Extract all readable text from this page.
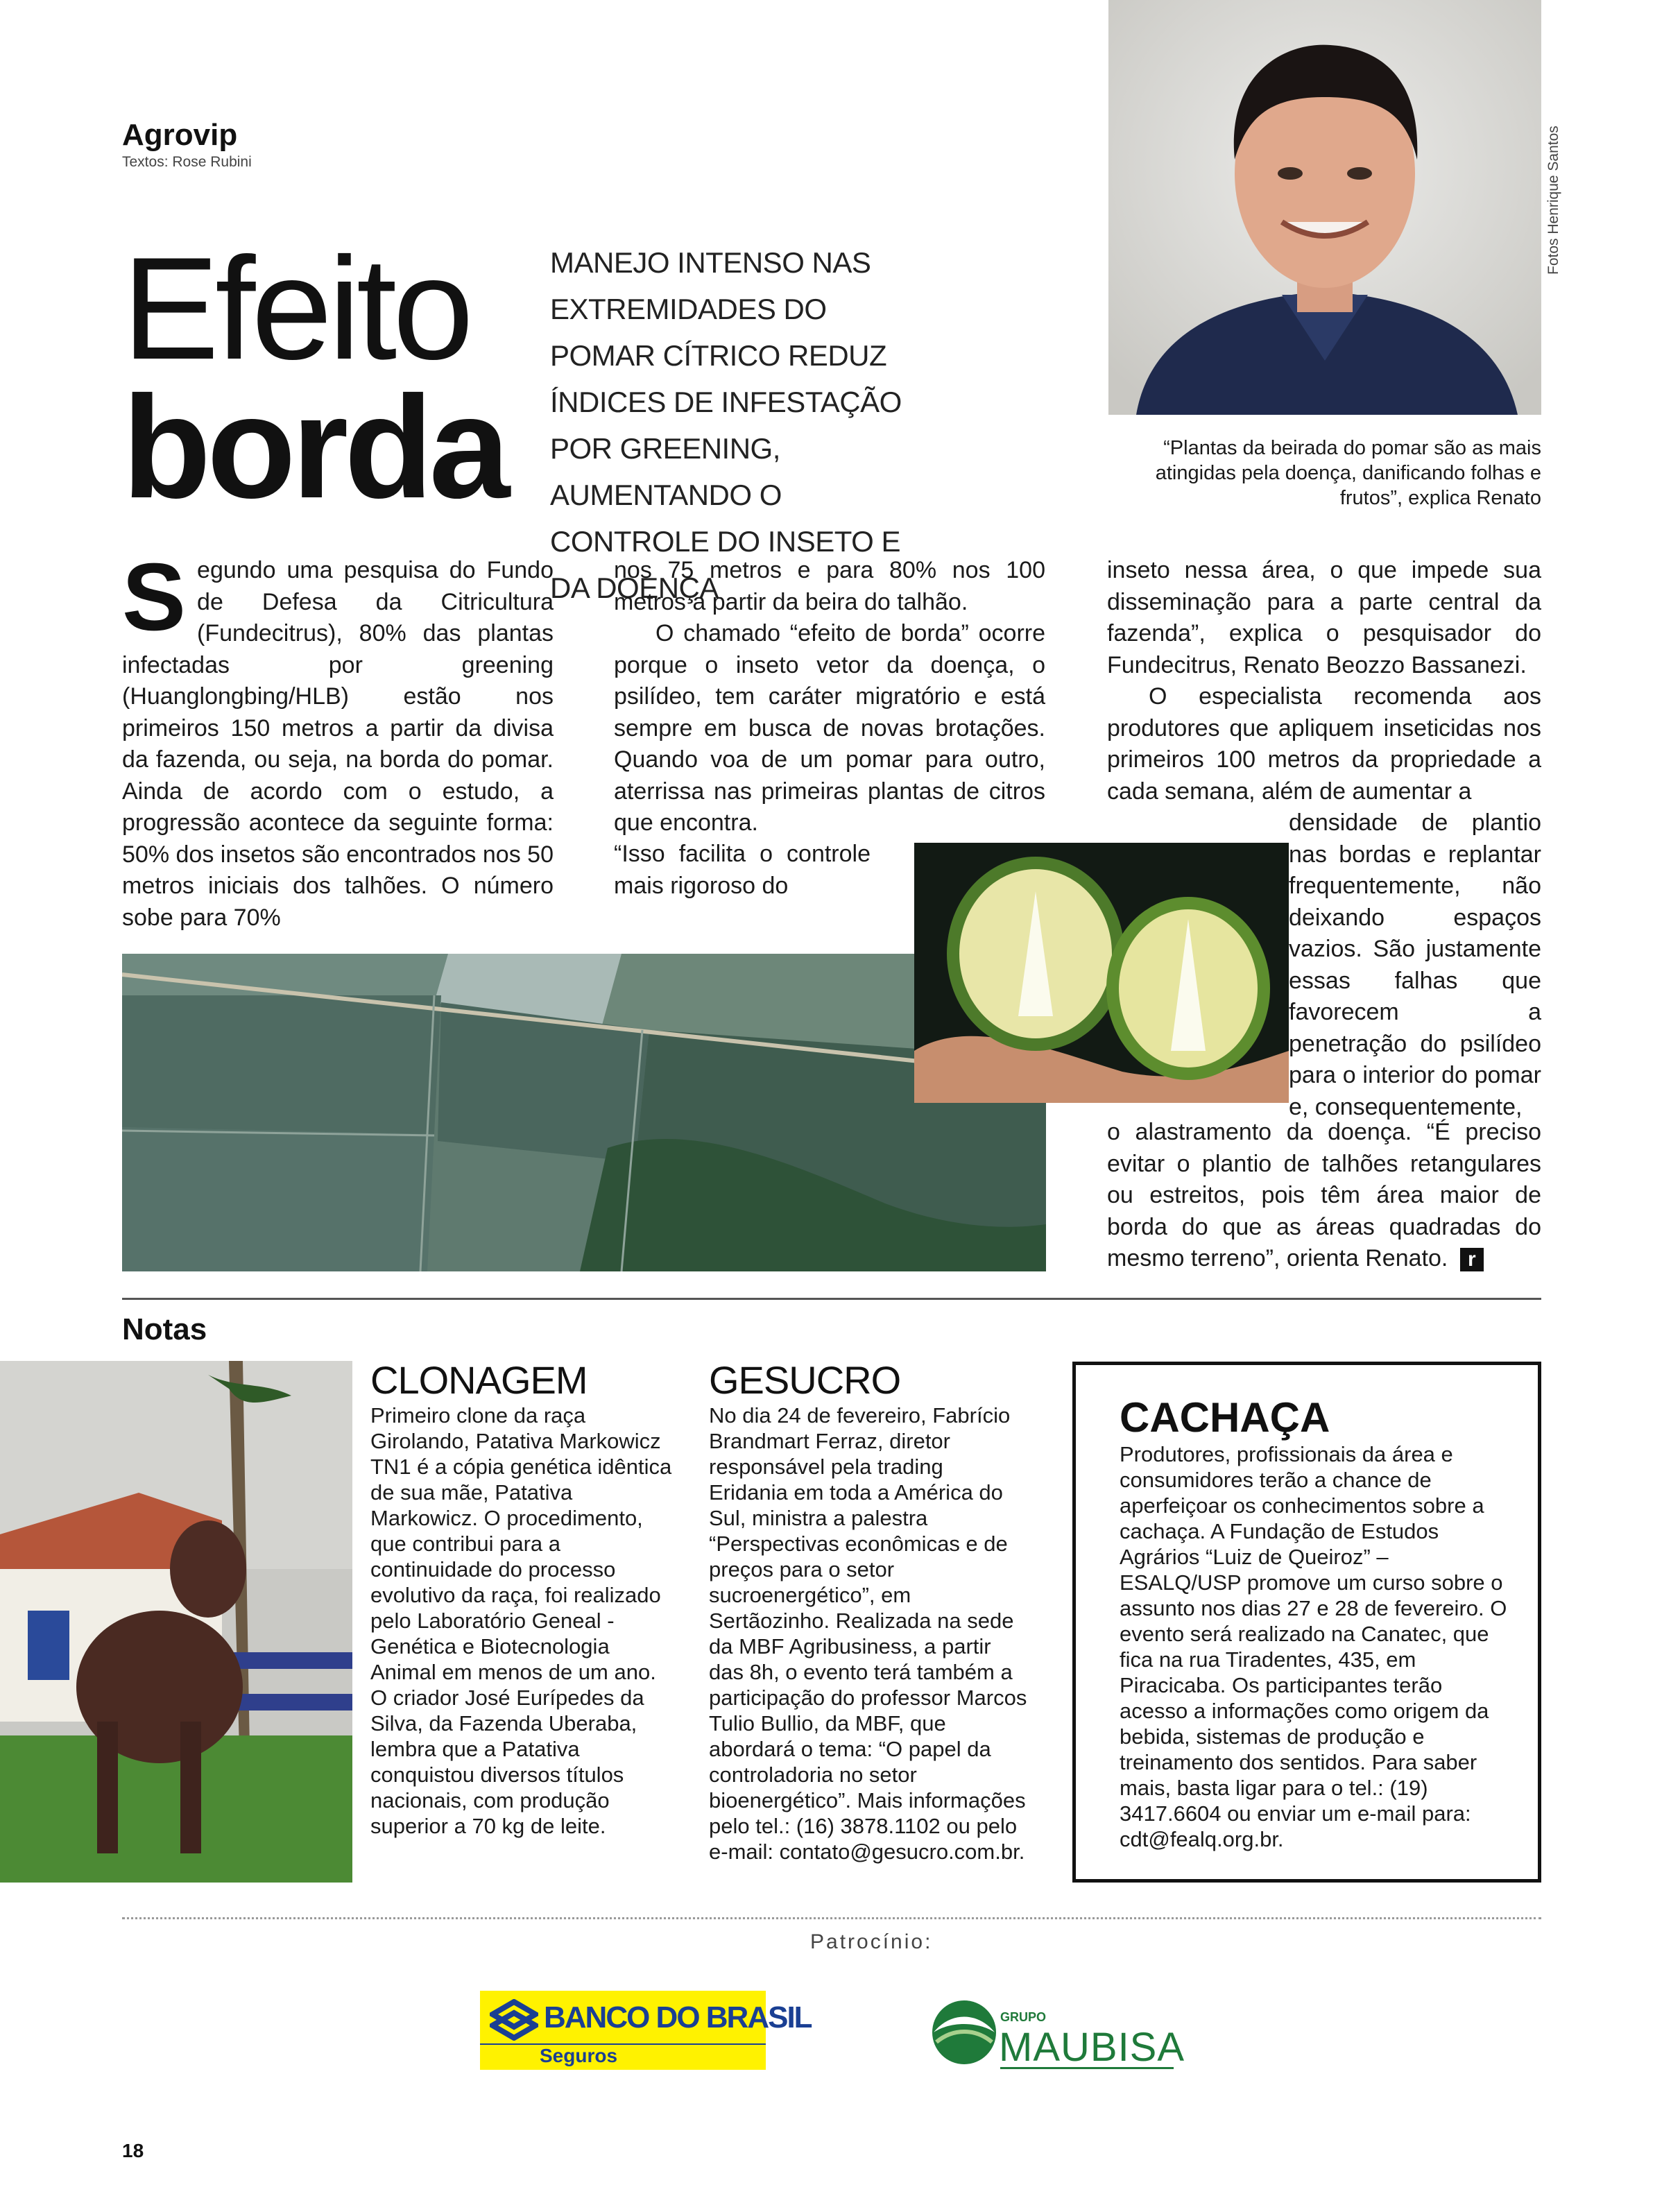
Agrovip
Textos: Rose Rubini
Efeito
borda
MANEJO INTENSO NAS EXTREMIDADES DO POMAR CÍTRICO REDUZ ÍNDICES DE INFESTAÇÃO POR GREENING, AUMENTANDO O CONTROLE DO INSETO E DA DOENÇA
Fotos Henrique Santos
“Plantas da beirada do pomar são as mais atingidas pela doença, danificando folhas e frutos”, explica Renato
S egundo uma pesquisa do Fundo de Defesa da Citricultura (Fundecitrus), 80% das plantas infectadas por greening (Huanglongbing/HLB) estão nos primeiros 150 metros a partir da divisa da fazenda, ou seja, na borda do pomar. Ainda de acordo com o estudo, a progressão acontece da seguinte forma: 50% dos insetos são encontrados nos 50 metros iniciais dos talhões. O número sobe para 70%

nos 75 metros e para 80% nos 100 metros a partir da beira do talhão.

O chamado “efeito de borda” ocorre porque o inseto vetor da doença, o psilídeo, tem caráter migratório e está sempre em busca de novas brotações. Quando voa de um pomar para outro, aterrissa nas primeiras plantas de citros que encontra.

“Isso facilita o controle mais rigoroso do

inseto nessa área, o que impede sua disseminação para a parte central da fazenda”, explica o pesquisador do Fundecitrus, Renato Beozzo Bassanezi.

O especialista recomenda aos produtores que apliquem inseticidas nos primeiros 100 metros da propriedade a cada semana, além de aumentar a

densidade de plantio nas bordas e replantar frequentemente, não deixando espaços vazios. São justamente essas falhas que favorecem a penetração do psilídeo para o interior do pomar e, consequentemente,
o alastramento da doença. “É preciso evitar o plantio de talhões retangulares ou estreitos, pois têm área maior de borda do que as áreas quadradas do mesmo terreno”, orienta Renato. r
Notas
CLONAGEM
Primeiro clone da raça Girolando, Patativa Markowicz TN1 é a cópia genética idêntica de sua mãe, Patativa Markowicz. O procedimento, que contribui para a continuidade do processo evolutivo da raça, foi realizado pelo Laboratório Geneal - Genética e Biotecnologia Animal em menos de um ano. O criador José Eurípedes da Silva, da Fazenda Uberaba, lembra que a Patativa conquistou diversos títulos nacionais, com produção superior a 70 kg de leite.
GESUCRO
No dia 24 de fevereiro, Fabrício Brandmart Ferraz, diretor responsável pela trading Eridania em toda a América do Sul, ministra a palestra “Perspectivas econômicas e de preços para o setor sucroenergético”, em Sertãozinho. Realizada na sede da MBF Agribusiness, a partir das 8h, o evento terá também a participação do professor Marcos Tulio Bullio, da MBF, que abordará o tema: “O papel da controladoria no setor bioenergético”. Mais informações pelo tel.: (16) 3878.1102 ou pelo e-mail: contato@gesucro.com.br.
CACHAÇA
Produtores, profissionais da área e consumidores terão a chance de aperfeiçoar os conhecimentos sobre a cachaça. A Fundação de Estudos Agrários “Luiz de Queiroz” – ESALQ/USP promove um curso sobre o assunto nos dias 27 e 28 de fevereiro. O evento será realizado na Canatec, que fica na rua Tiradentes, 435, em Piracicaba. Os participantes terão acesso a informações como origem da bebida, sistemas de produção e treinamento dos sentidos. Para saber mais, basta ligar para o tel.: (19) 3417.6604 ou enviar um e-mail para: cdt@fealq.org.br.
Patrocínio:
BANCO DO BRASIL
Seguros
GRUPO
MAUBISA
18
